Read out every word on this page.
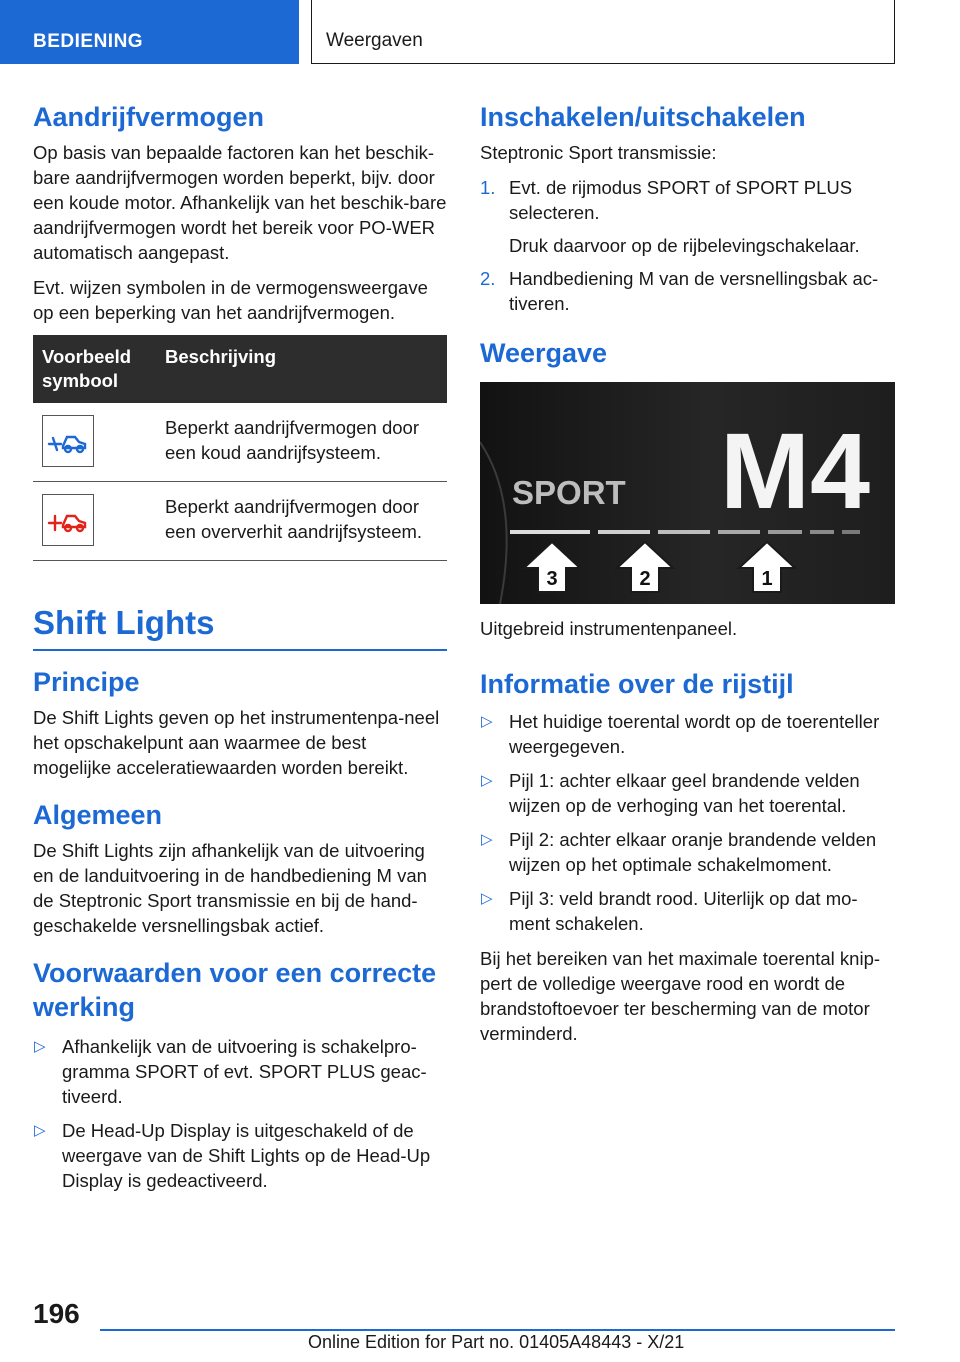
BEDIENING	Weergaven
Aandrijfvermogen

Op basis van bepaalde factoren kan het beschik-bare aandrijfvermogen worden beperkt, bijv. door een koude motor. Afhankelijk van het beschik-bare aandrijfvermogen wordt het bereik voor PO-WER automatisch aangepast.

Evt. wijzen symbolen in de vermogensweergave op een beperking van het aandrijfvermogen.

Voorbeeld symbool	Beschrijving

	Beperkt aandrijfvermogen door een koud aandrijfsysteem.

	Beperkt aandrijfvermogen door een oververhit aandrijfsysteem.
Shift Lights
Principe

De Shift Lights geven op het instrumentenpa-neel het opschakelpunt aan waarmee de best mogelijke acceleratiewaarden worden bereikt.

Algemeen

De Shift Lights zijn afhankelijk van de uitvoering en de landuitvoering in de handbediening M van de Steptronic Sport transmissie en bij de hand-geschakelde versnellingsbak actief.

Voorwaarden voor een correcte werking
▷ Afhankelijk van de uitvoering is schakelpro-gramma SPORT of evt. SPORT PLUS geac-tiveerd.
▷ De Head-Up Display is uitgeschakeld of de weergave van de Shift Lights op de Head-Up Display is gedeactiveerd.
Inschakelen/uitschakelen

Steptronic Sport transmissie:

1. Evt. de rijmodus SPORT of SPORT PLUS selecteren.
Druk daarvoor op de rijbelevingschakelaar.
2. Handbediening M van de versnellingsbak ac-tiveren.
Weergave
SPORT M4
3	2	1

Uitgebreid instrumentenpaneel.

Informatie over de rijstijl
▷ Het huidige toerental wordt op de toerenteller weergegeven.
▷ Pijl 1: achter elkaar geel brandende velden wijzen op de verhoging van het toerental.
▷ Pijl 2: achter elkaar oranje brandende velden wijzen op het optimale schakelmoment.
▷ Pijl 3: veld brandt rood. Uiterlijk op dat mo-ment schakelen.

Bij het bereiken van het maximale toerental knip-pert de volledige weergave rood en wordt de brandstoftoevoer ter bescherming van de motor verminderd.

196
Online Edition for Part no. 01405A48443 - X/21
